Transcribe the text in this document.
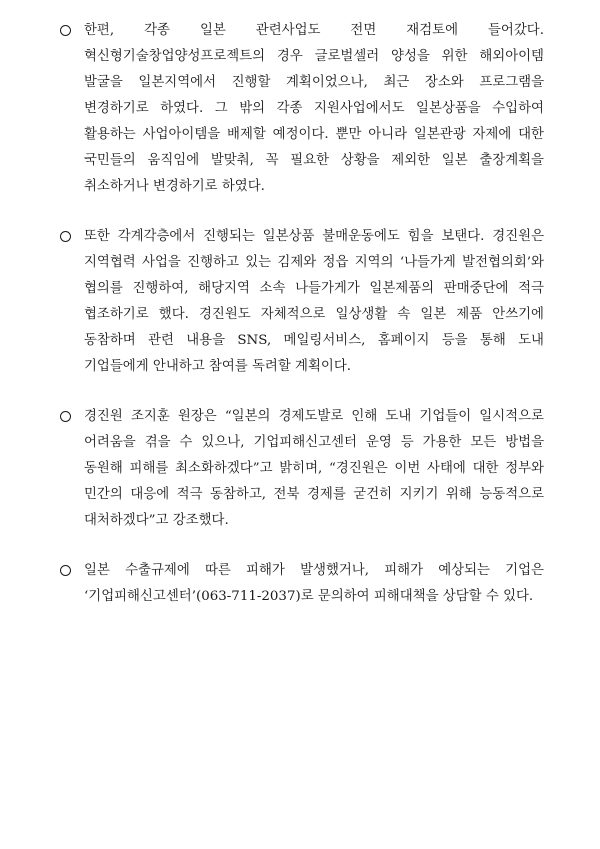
한편, 각종 일본 관련사업도 전면 재검토에 들어갔다. 혁신형기술창업양성프로젝트의 경우 글로벌셀러 양성을 위한 해외아이템 발굴을 일본지역에서 진행할 계획이었으나, 최근 장소와 프로그램을 변경하기로 하였다. 그 밖의 각종 지원사업에서도 일본상품을 수입하여 활용하는 사업아이템을 배제할 예정이다. 뿐만 아니라 일본관광 자제에 대한 국민들의 움직임에 발맞춰, 꼭 필요한 상황을 제외한 일본 출장계획을 취소하거나 변경하기로 하였다.

또한 각계각층에서 진행되는 일본상품 불매운동에도 힘을 보탠다. 경진원은 지역협력 사업을 진행하고 있는 김제와 정읍 지역의 ‘나들가게 발전협의회’와 협의를 진행하여, 해당지역 소속 나들가게가 일본제품의 판매중단에 적극 협조하기로 했다. 경진원도 자체적으로 일상생활 속 일본 제품 안쓰기에 동참하며 관련 내용을 SNS, 메일링서비스, 홈페이지 등을 통해 도내 기업들에게 안내하고 참여를 독려할 계획이다.

경진원 조지훈 원장은 “일본의 경제도발로 인해 도내 기업들이 일시적으로 어려움을 겪을 수 있으나, 기업피해신고센터 운영 등 가용한 모든 방법을 동원해 피해를 최소화하겠다”고 밝히며, “경진원은 이번 사태에 대한 정부와 민간의 대응에 적극 동참하고, 전북 경제를 굳건히 지키기 위해 능동적으로 대처하겠다”고 강조했다.

일본 수출규제에 따른 피해가 발생했거나, 피해가 예상되는 기업은 ‘기업피해신고센터’(063-711-2037)로 문의하여 피해대책을 상담할 수 있다.
